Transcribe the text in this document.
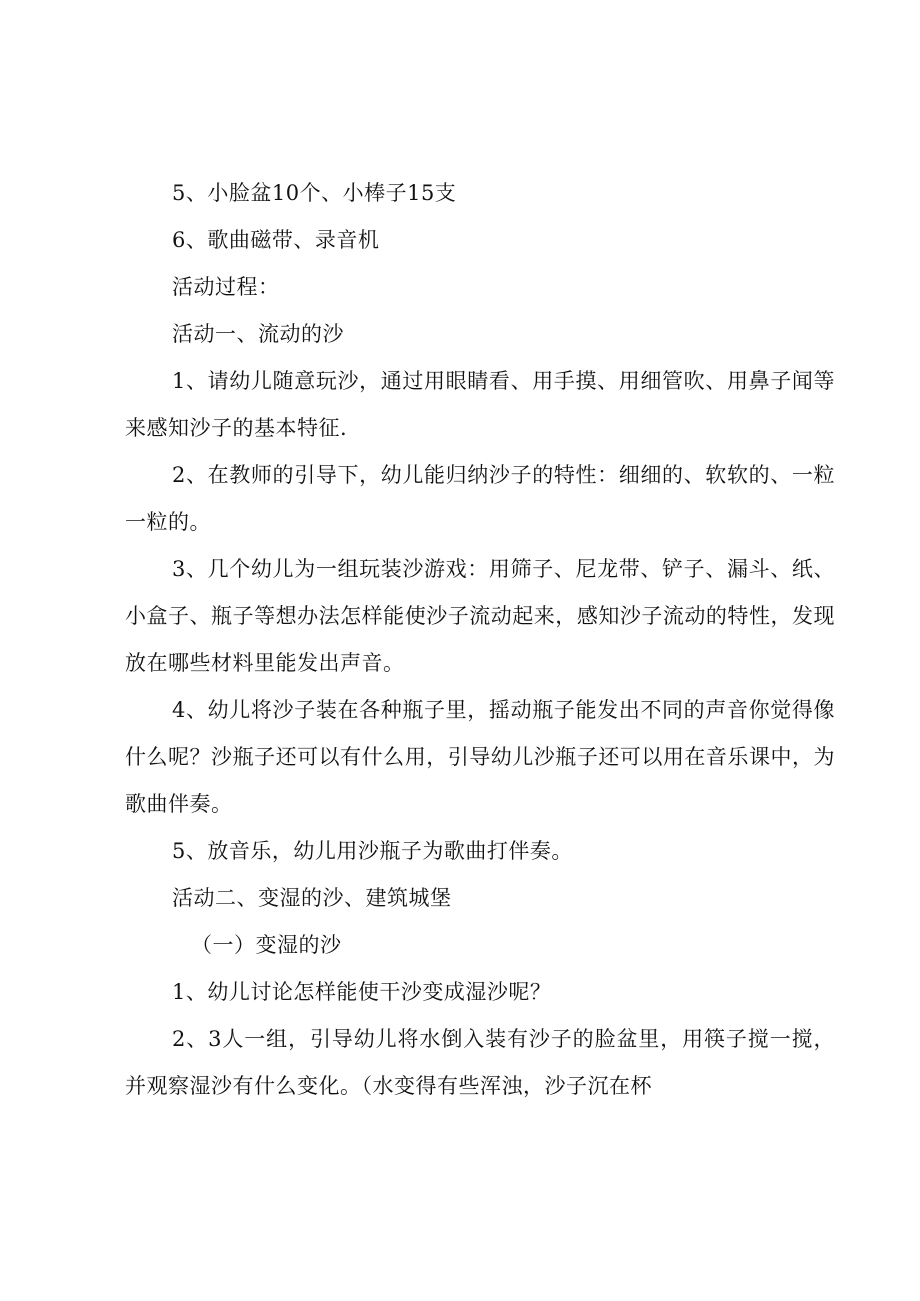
5、小脸盆10个、小棒子15支

6、歌曲磁带、录音机

活动过程：

活动一、流动的沙

1、请幼儿随意玩沙，通过用眼睛看、用手摸、用细管吹、用鼻子闻等来感知沙子的基本特征.

2、在教师的引导下，幼儿能归纳沙子的特性：细细的、软软的、一粒一粒的。

3、几个幼儿为一组玩装沙游戏：用筛子、尼龙带、铲子、漏斗、纸、小盒子、瓶子等想办法怎样能使沙子流动起来，感知沙子流动的特性，发现放在哪些材料里能发出声音。

4、幼儿将沙子装在各种瓶子里，摇动瓶子能发出不同的声音你觉得像什么呢？沙瓶子还可以有什么用，引导幼儿沙瓶子还可以用在音乐课中，为歌曲伴奏。

5、放音乐，幼儿用沙瓶子为歌曲打伴奏。

活动二、变湿的沙、建筑城堡

（一）变湿的沙

1、幼儿讨论怎样能使干沙变成湿沙呢？

2、3人一组，引导幼儿将水倒入装有沙子的脸盆里，用筷子搅一搅，并观察湿沙有什么变化。（水变得有些浑浊，沙子沉在杯
